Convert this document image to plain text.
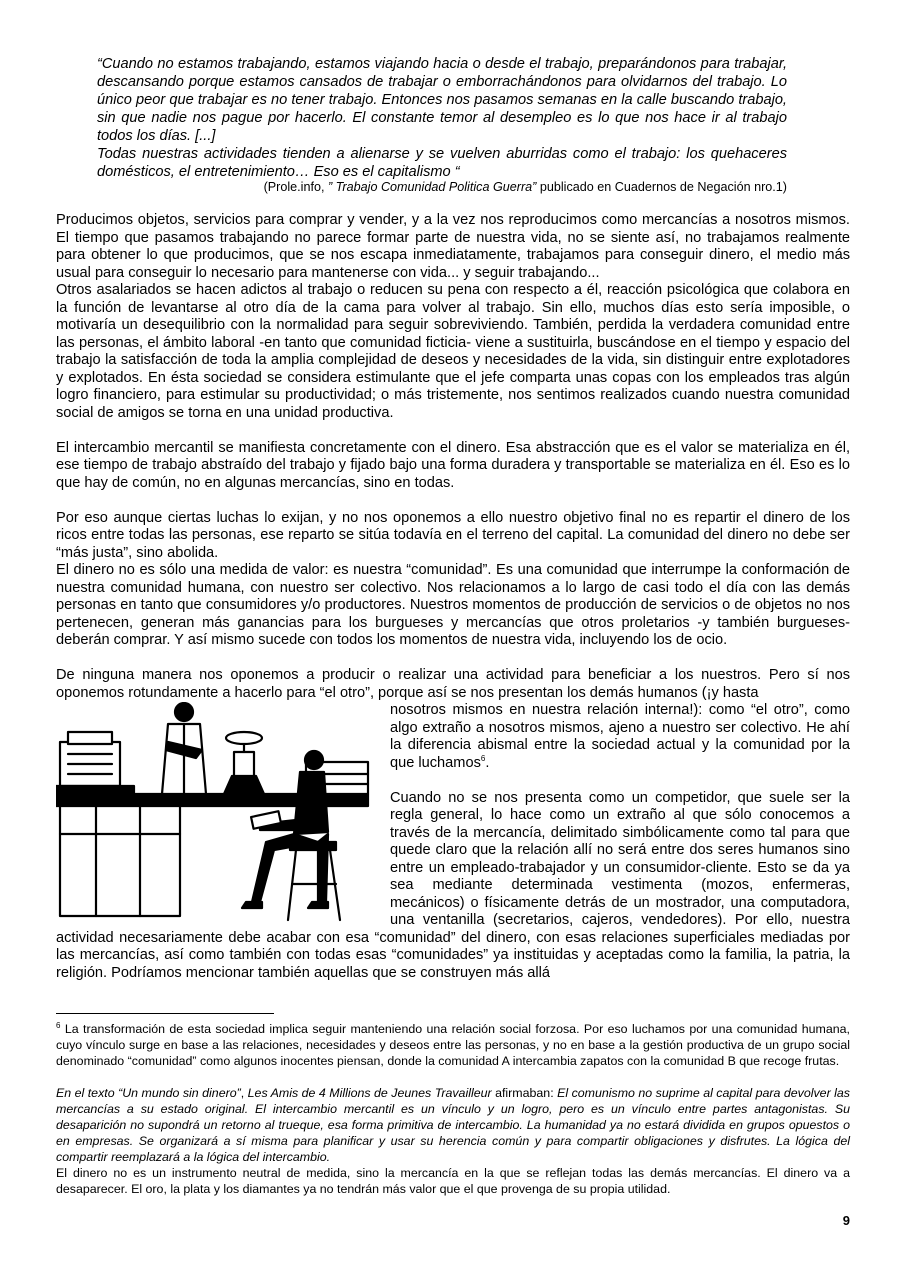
“Cuando no estamos trabajando, estamos viajando hacia o desde el trabajo, preparándonos para trabajar, descansando porque estamos cansados de trabajar o emborrachándonos para olvidarnos del trabajo. Lo único peor que trabajar es no tener trabajo. Entonces nos pasamos semanas en la calle buscando trabajo, sin que nadie nos pague por hacerlo. El constante temor al desempleo es lo que nos hace ir al trabajo todos los días. [...]

Todas nuestras actividades tienden a alienarse y se vuelven aburridas como el trabajo: los quehaceres domésticos, el entretenimiento… Eso es el capitalismo “

(Prole.info, ” Trabajo Comunidad Politica Guerra” publicado en Cuadernos de Negación nro.1)

Producimos objetos, servicios para comprar y vender, y a la vez nos reproducimos como mercancías a nosotros mismos. El tiempo que pasamos trabajando no parece formar parte de nuestra vida, no se siente así, no trabajamos realmente para obtener lo que producimos, que se nos escapa inmediatamente, trabajamos para conseguir dinero, el medio más usual para conseguir lo necesario para mantenerse con vida... y seguir trabajando...

Otros asalariados se hacen adictos al trabajo o reducen su pena con respecto a él, reacción psicológica que colabora en la función de levantarse al otro día de la cama para volver al trabajo. Sin ello, muchos días esto sería imposible, o motivaría un desequilibrio con la normalidad para seguir sobreviviendo. También, perdida la verdadera comunidad entre las personas, el ámbito laboral -en tanto que comunidad ficticia- viene a sustituirla, buscándose en el tiempo y espacio del trabajo la satisfacción de toda la amplia complejidad de deseos y necesidades de la vida, sin distinguir entre explotadores y explotados. En ésta sociedad se considera estimulante que el jefe comparta unas copas con los empleados tras algún logro financiero, para estimular su productividad; o más tristemente, nos sentimos realizados cuando nuestra comunidad social de amigos se torna en una unidad productiva.

El intercambio mercantil se manifiesta concretamente con el dinero. Esa abstracción que es el valor se materializa en él, ese tiempo de trabajo abstraído del trabajo y fijado bajo una forma duradera y transportable se materializa en él. Eso es lo que hay de común, no en algunas mercancías, sino en todas.

Por eso aunque ciertas luchas lo exijan, y no nos oponemos a ello nuestro objetivo final no es repartir el dinero de los ricos entre todas las personas, ese reparto se sitúa todavía en el terreno del capital. La comunidad del dinero no debe ser “más justa”, sino abolida.

El dinero no es sólo una medida de valor: es nuestra “comunidad”. Es una comunidad que interrumpe la conformación de nuestra comunidad humana, con nuestro ser colectivo. Nos relacionamos a lo largo de casi todo el día con las demás personas en tanto que consumidores y/o productores. Nuestros momentos de producción de servicios o de objetos no nos pertenecen, generan más ganancias para los burgueses y mercancías que otros proletarios -y también burgueses- deberán comprar. Y así mismo sucede con todos los momentos de nuestra vida, incluyendo los de ocio.

De ninguna manera nos oponemos a producir o realizar una actividad para beneficiar a los nuestros. Pero sí nos oponemos rotundamente a hacerlo para “el otro”, porque así se nos presentan los demás humanos (¡y hasta

nosotros mismos en nuestra relación interna!): como “el otro”, como algo extraño a nosotros mismos, ajeno a nuestro ser colectivo. He ahí la diferencia abismal entre la sociedad actual y la comunidad por la que luchamos$^6$.

Cuando no se nos presenta como un competidor, que suele ser la regla general, lo hace como un extraño al que sólo conocemos a través de la mercancía, delimitado simbólicamente como tal para que quede claro que la relación allí no será entre dos seres humanos sino entre un empleado-trabajador y un consumidor-cliente. Esto se da ya sea mediante determinada vestimenta (mozos, enfermeras, mecánicos) o físicamente detrás de un mostrador, una computadora, una ventanilla (secretarios, cajeros, vendedores). Por ello, nuestra actividad necesariamente debe acabar con esa “comunidad” del dinero, con esas relaciones superficiales mediadas por las mercancías, así como también con todas esas “comunidades” ya instituidas y aceptadas como la familia, la patria, la religión. Podríamos mencionar también aquellas que se construyen más allá

$^6$ La transformación de esta sociedad implica seguir manteniendo una relación social forzosa. Por eso luchamos por una comunidad humana, cuyo vínculo surge en base a las relaciones, necesidades y deseos entre las personas, y no en base a la gestión productiva de un grupo social denominado “comunidad” como algunos inocentes piensan, donde la comunidad A intercambia zapatos con la comunidad B que recoge frutas.

En el texto “Un mundo sin dinero”, Les Amis de 4 Millions de Jeunes Travailleur afirmaban: El comunismo no suprime al capital para devolver las mercancías a su estado original. El intercambio mercantil es un vínculo y un logro, pero es un vínculo entre partes antagonistas. Su desaparición no supondrá un retorno al trueque, esa forma primitiva de intercambio. La humanidad ya no estará dividida en grupos opuestos o en empresas. Se organizará a sí misma para planificar y usar su herencia común y para compartir obligaciones y disfrutes. La lógica del compartir reemplazará a la lógica del intercambio.

El dinero no es un instrumento neutral de medida, sino la mercancía en la que se reflejan todas las demás mercancías. El dinero va a desaparecer. El oro, la plata y los diamantes ya no tendrán más valor que el que provenga de su propia utilidad.

9
